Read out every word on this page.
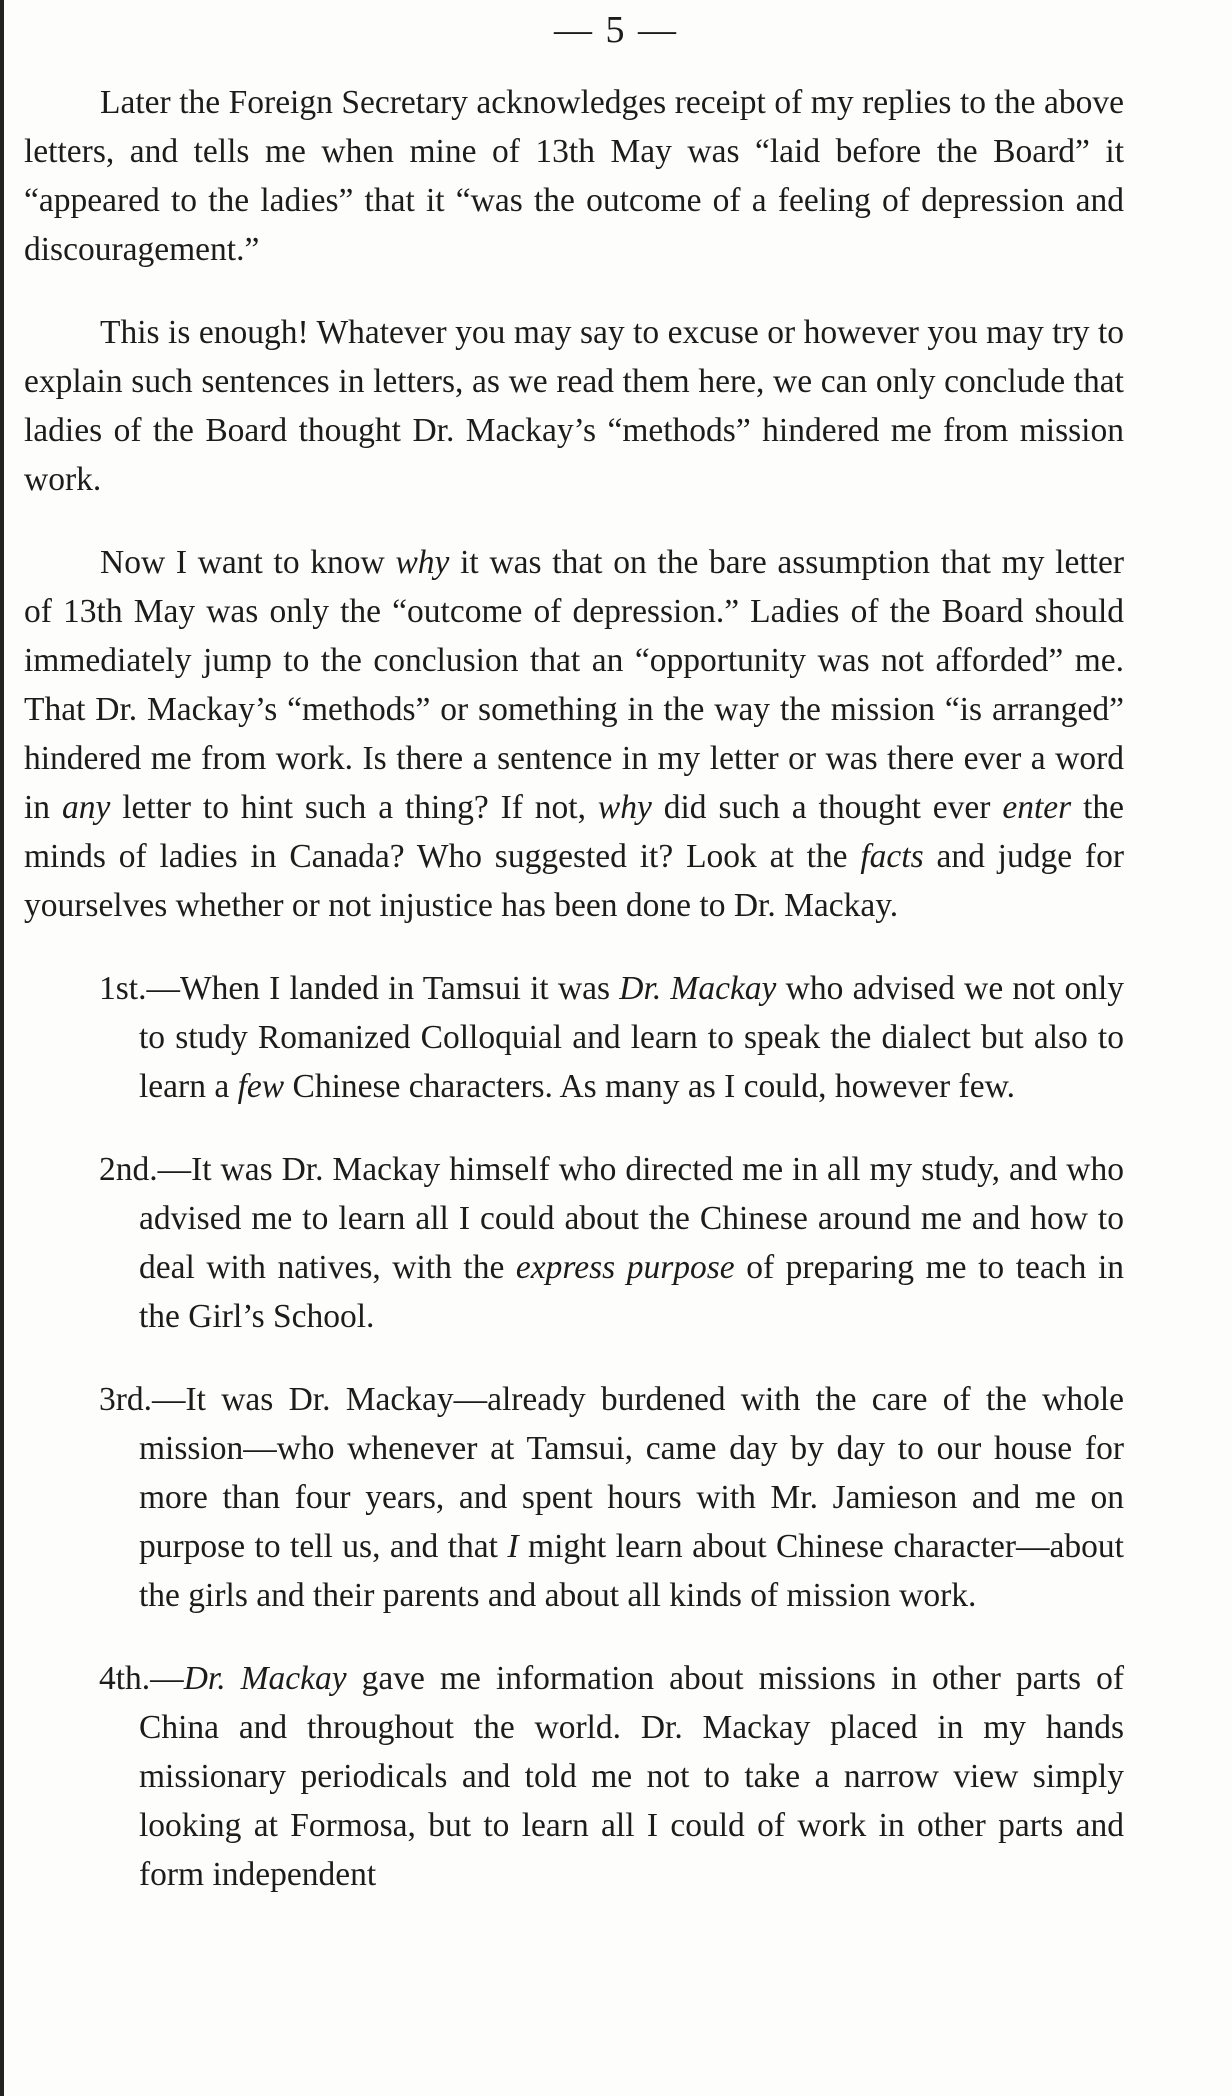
— 5 —

Later the Foreign Secretary acknowledges receipt of my replies to the above letters, and tells me when mine of 13th May was “laid before the Board” it “appeared to the ladies” that it “was the outcome of a feeling of depression and discouragement.”

This is enough! Whatever you may say to excuse or however you may try to explain such sentences in letters, as we read them here, we can only conclude that ladies of the Board thought Dr. Mackay’s “methods” hindered me from mission work.

Now I want to know why it was that on the bare assumption that my letter of 13th May was only the “outcome of depression.” Ladies of the Board should immediately jump to the conclusion that an “opportunity was not afforded” me. That Dr. Mackay’s “methods” or something in the way the mission “is arranged” hindered me from work. Is there a sentence in my letter or was there ever a word in any letter to hint such a thing? If not, why did such a thought ever enter the minds of ladies in Canada? Who suggested it? Look at the facts and judge for yourselves whether or not injustice has been done to Dr. Mackay.

1st.—When I landed in Tamsui it was Dr. Mackay who advised we not only to study Romanized Colloquial and learn to speak the dialect but also to learn a few Chinese characters. As many as I could, however few.
2nd.—It was Dr. Mackay himself who directed me in all my study, and who advised me to learn all I could about the Chinese around me and how to deal with natives, with the express purpose of preparing me to teach in the Girl’s School.
3rd.—It was Dr. Mackay—already burdened with the care of the whole mission—who whenever at Tamsui, came day by day to our house for more than four years, and spent hours with Mr. Jamieson and me on purpose to tell us, and that I might learn about Chinese character—about the girls and their parents and about all kinds of mission work.
4th.—Dr. Mackay gave me information about missions in other parts of China and throughout the world. Dr. Mackay placed in my hands missionary periodicals and told me not to take a narrow view simply looking at Formosa, but to learn all I could of work in other parts and form independent
